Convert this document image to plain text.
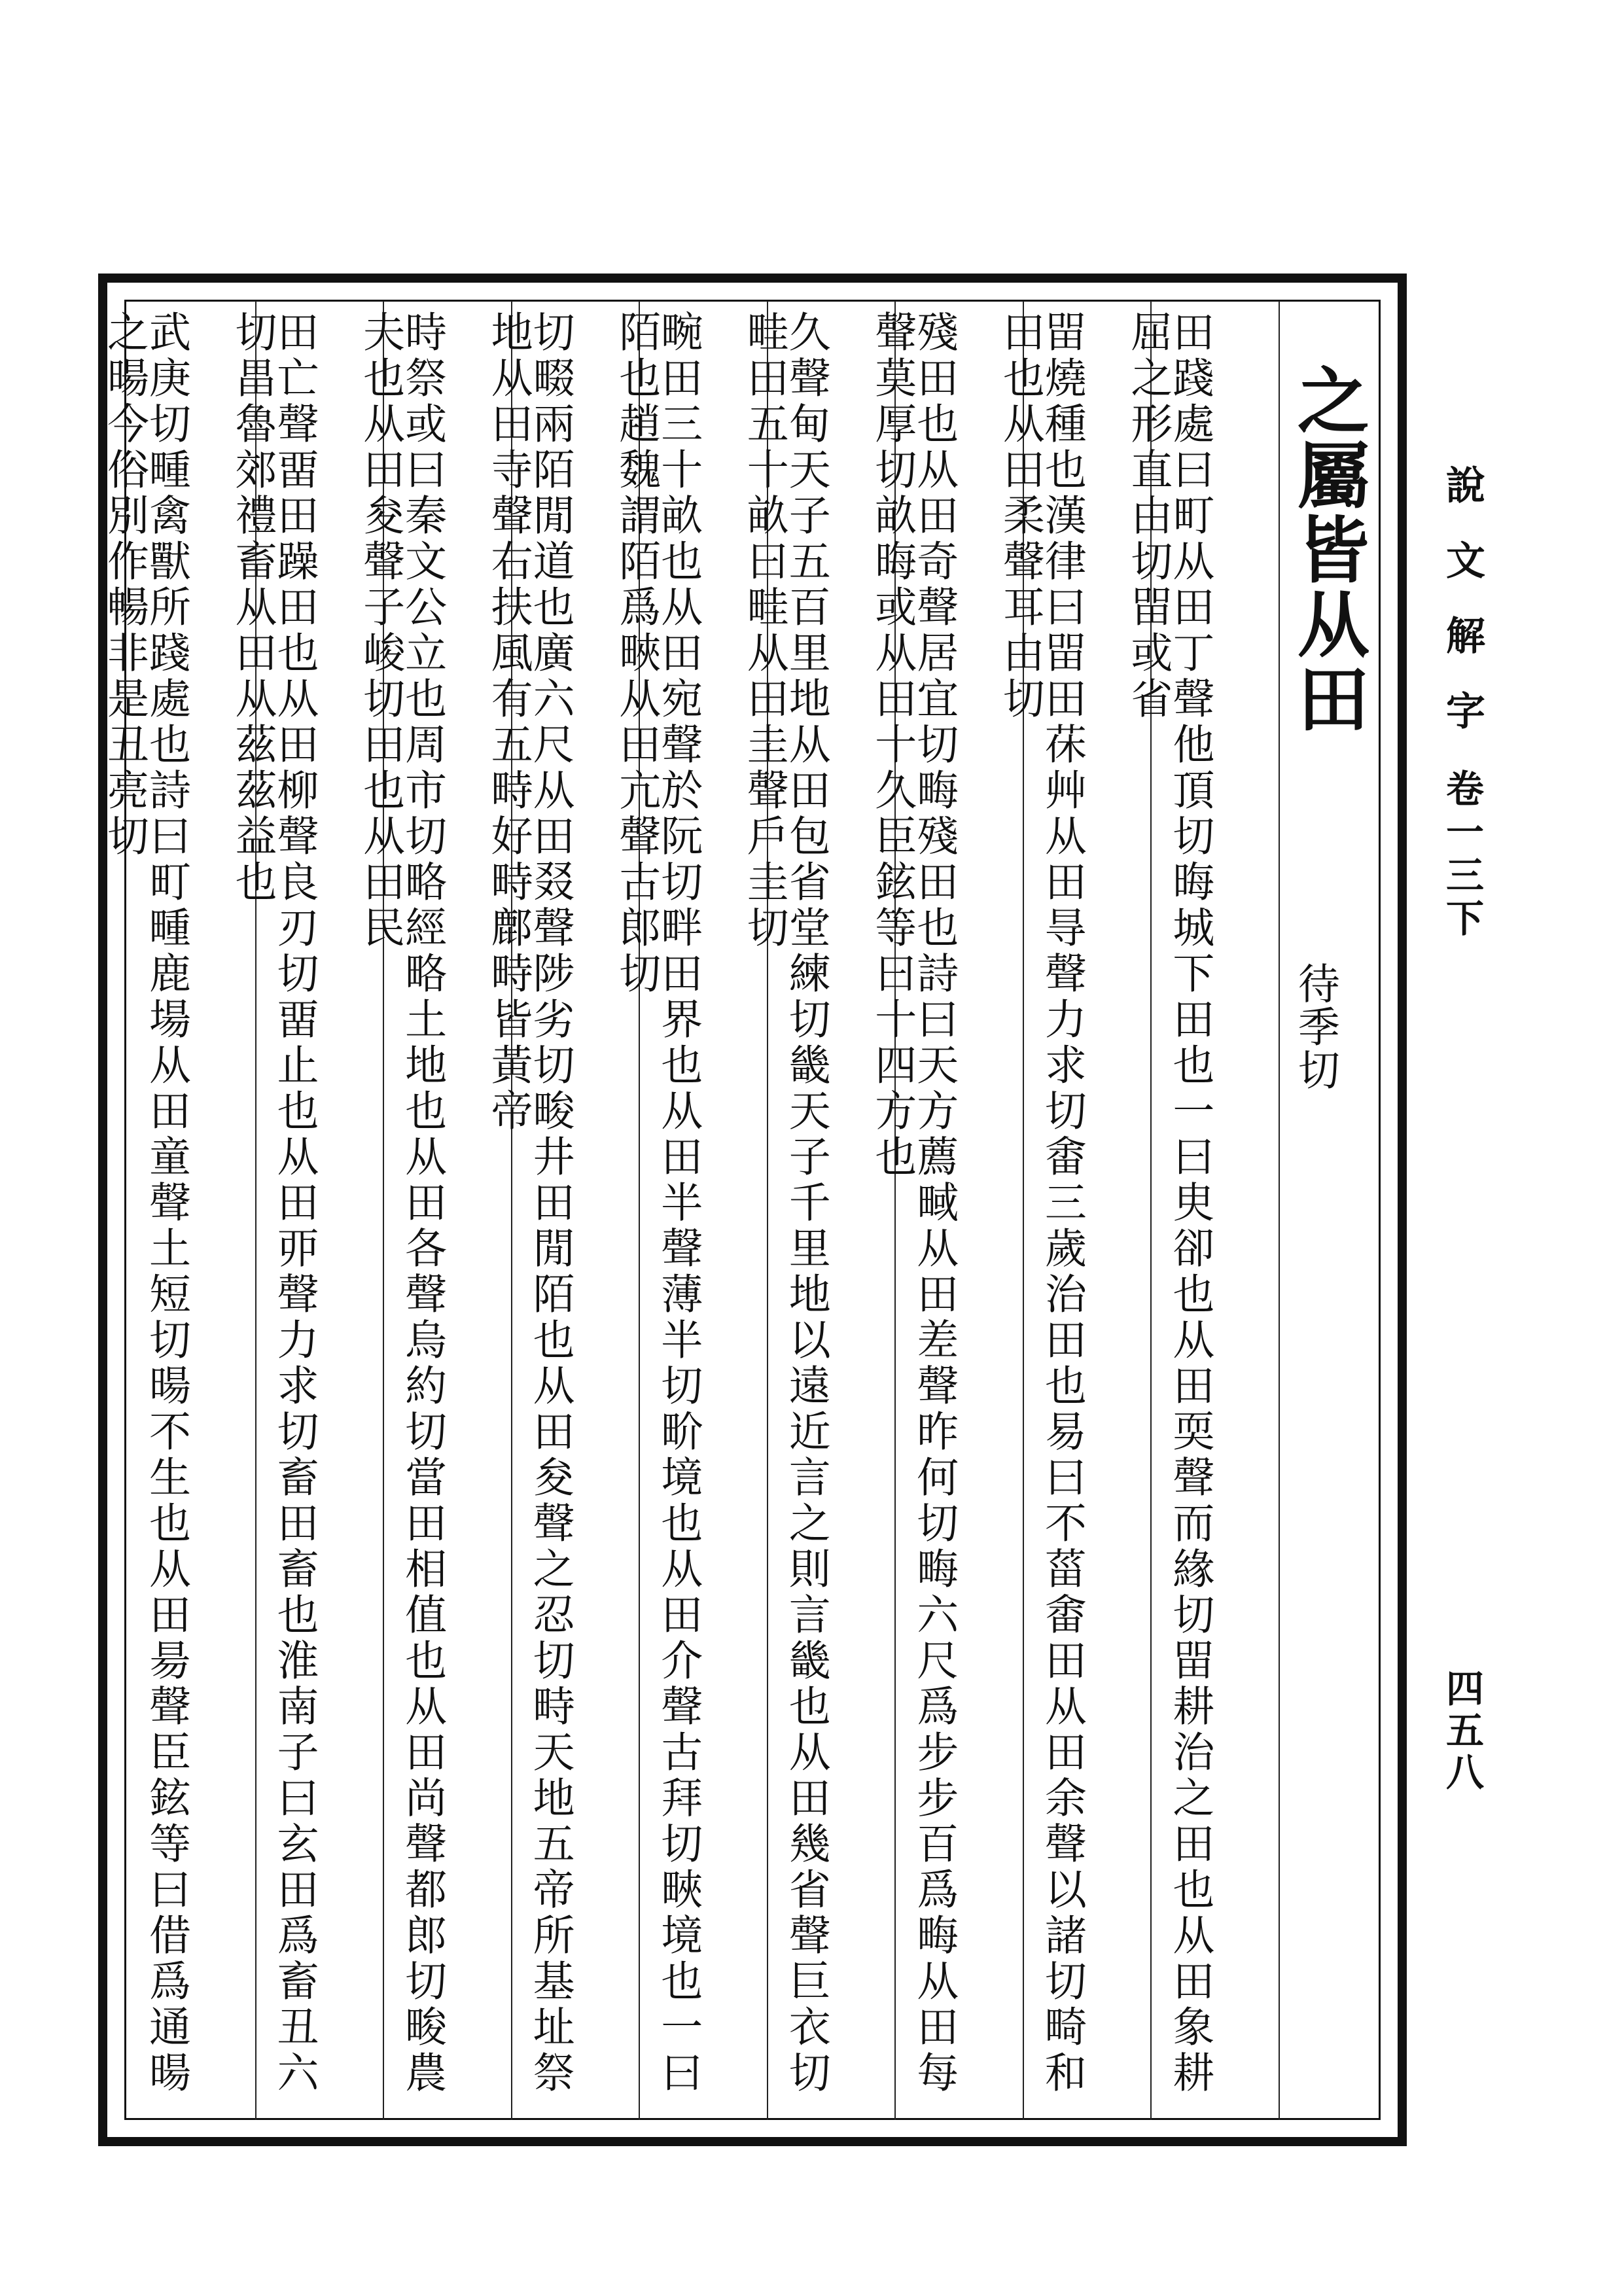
說文解字
卷一三下
四五八
之屬皆从田
待季切
田踐處曰町从田丁聲他頂切晦城下田也一曰㬰卻也从田耎聲而緣切㽞耕治之田也从田象耕屈之形直由切㽞或省
㽞燒種也漢律曰㽞田茠艸从田㝵聲力求切畬三歲治田也易曰不菑畬田从田余聲以諸切畸和田也从田柔聲耳由切
殘田也从田奇聲居宜切畮殘田也詩曰天方薦㽣从田差聲昨何切畮六尺爲步步百爲畮从田每聲莫厚切畝晦或从田十久臣鉉等曰十四方也
久聲甸天子五百里地从田包省堂練切畿天子千里地以遠近言之則言畿也从田幾省聲巨衣切畦田五十畝曰畦从田圭聲戶圭切
畹田三十畝也从田宛聲於阮切畔田界也从田半聲薄半切畍境也从田介聲古拜切㽠境也一曰陌也趙魏謂陌爲㽠从田亢聲古郎切
切畷兩陌閒道也廣六尺从田叕聲陟劣切畯井田閒陌也从田夋聲之忍切畤天地五帝所基址祭地从田寺聲右扶風有五畤好畤鄜畤皆黃帝
時祭或曰秦文公立也周市切略經略土地也从田各聲烏約切當田相值也从田尚聲都郎切畯農夫也从田夋聲子峻切田也从田民
田亡聲畱田躁田也从田柳聲良刃切畱止也从田丣聲力求切畜田畜也淮南子曰玄田爲畜丑六切畕魯郊禮畜从田从茲茲益也
武庚切畽禽獸所踐處也詩曰町畽鹿場从田童聲土短切暘不生也从田昜聲臣鉉等曰借爲通暘之暘今俗別作暢非是丑亮切
